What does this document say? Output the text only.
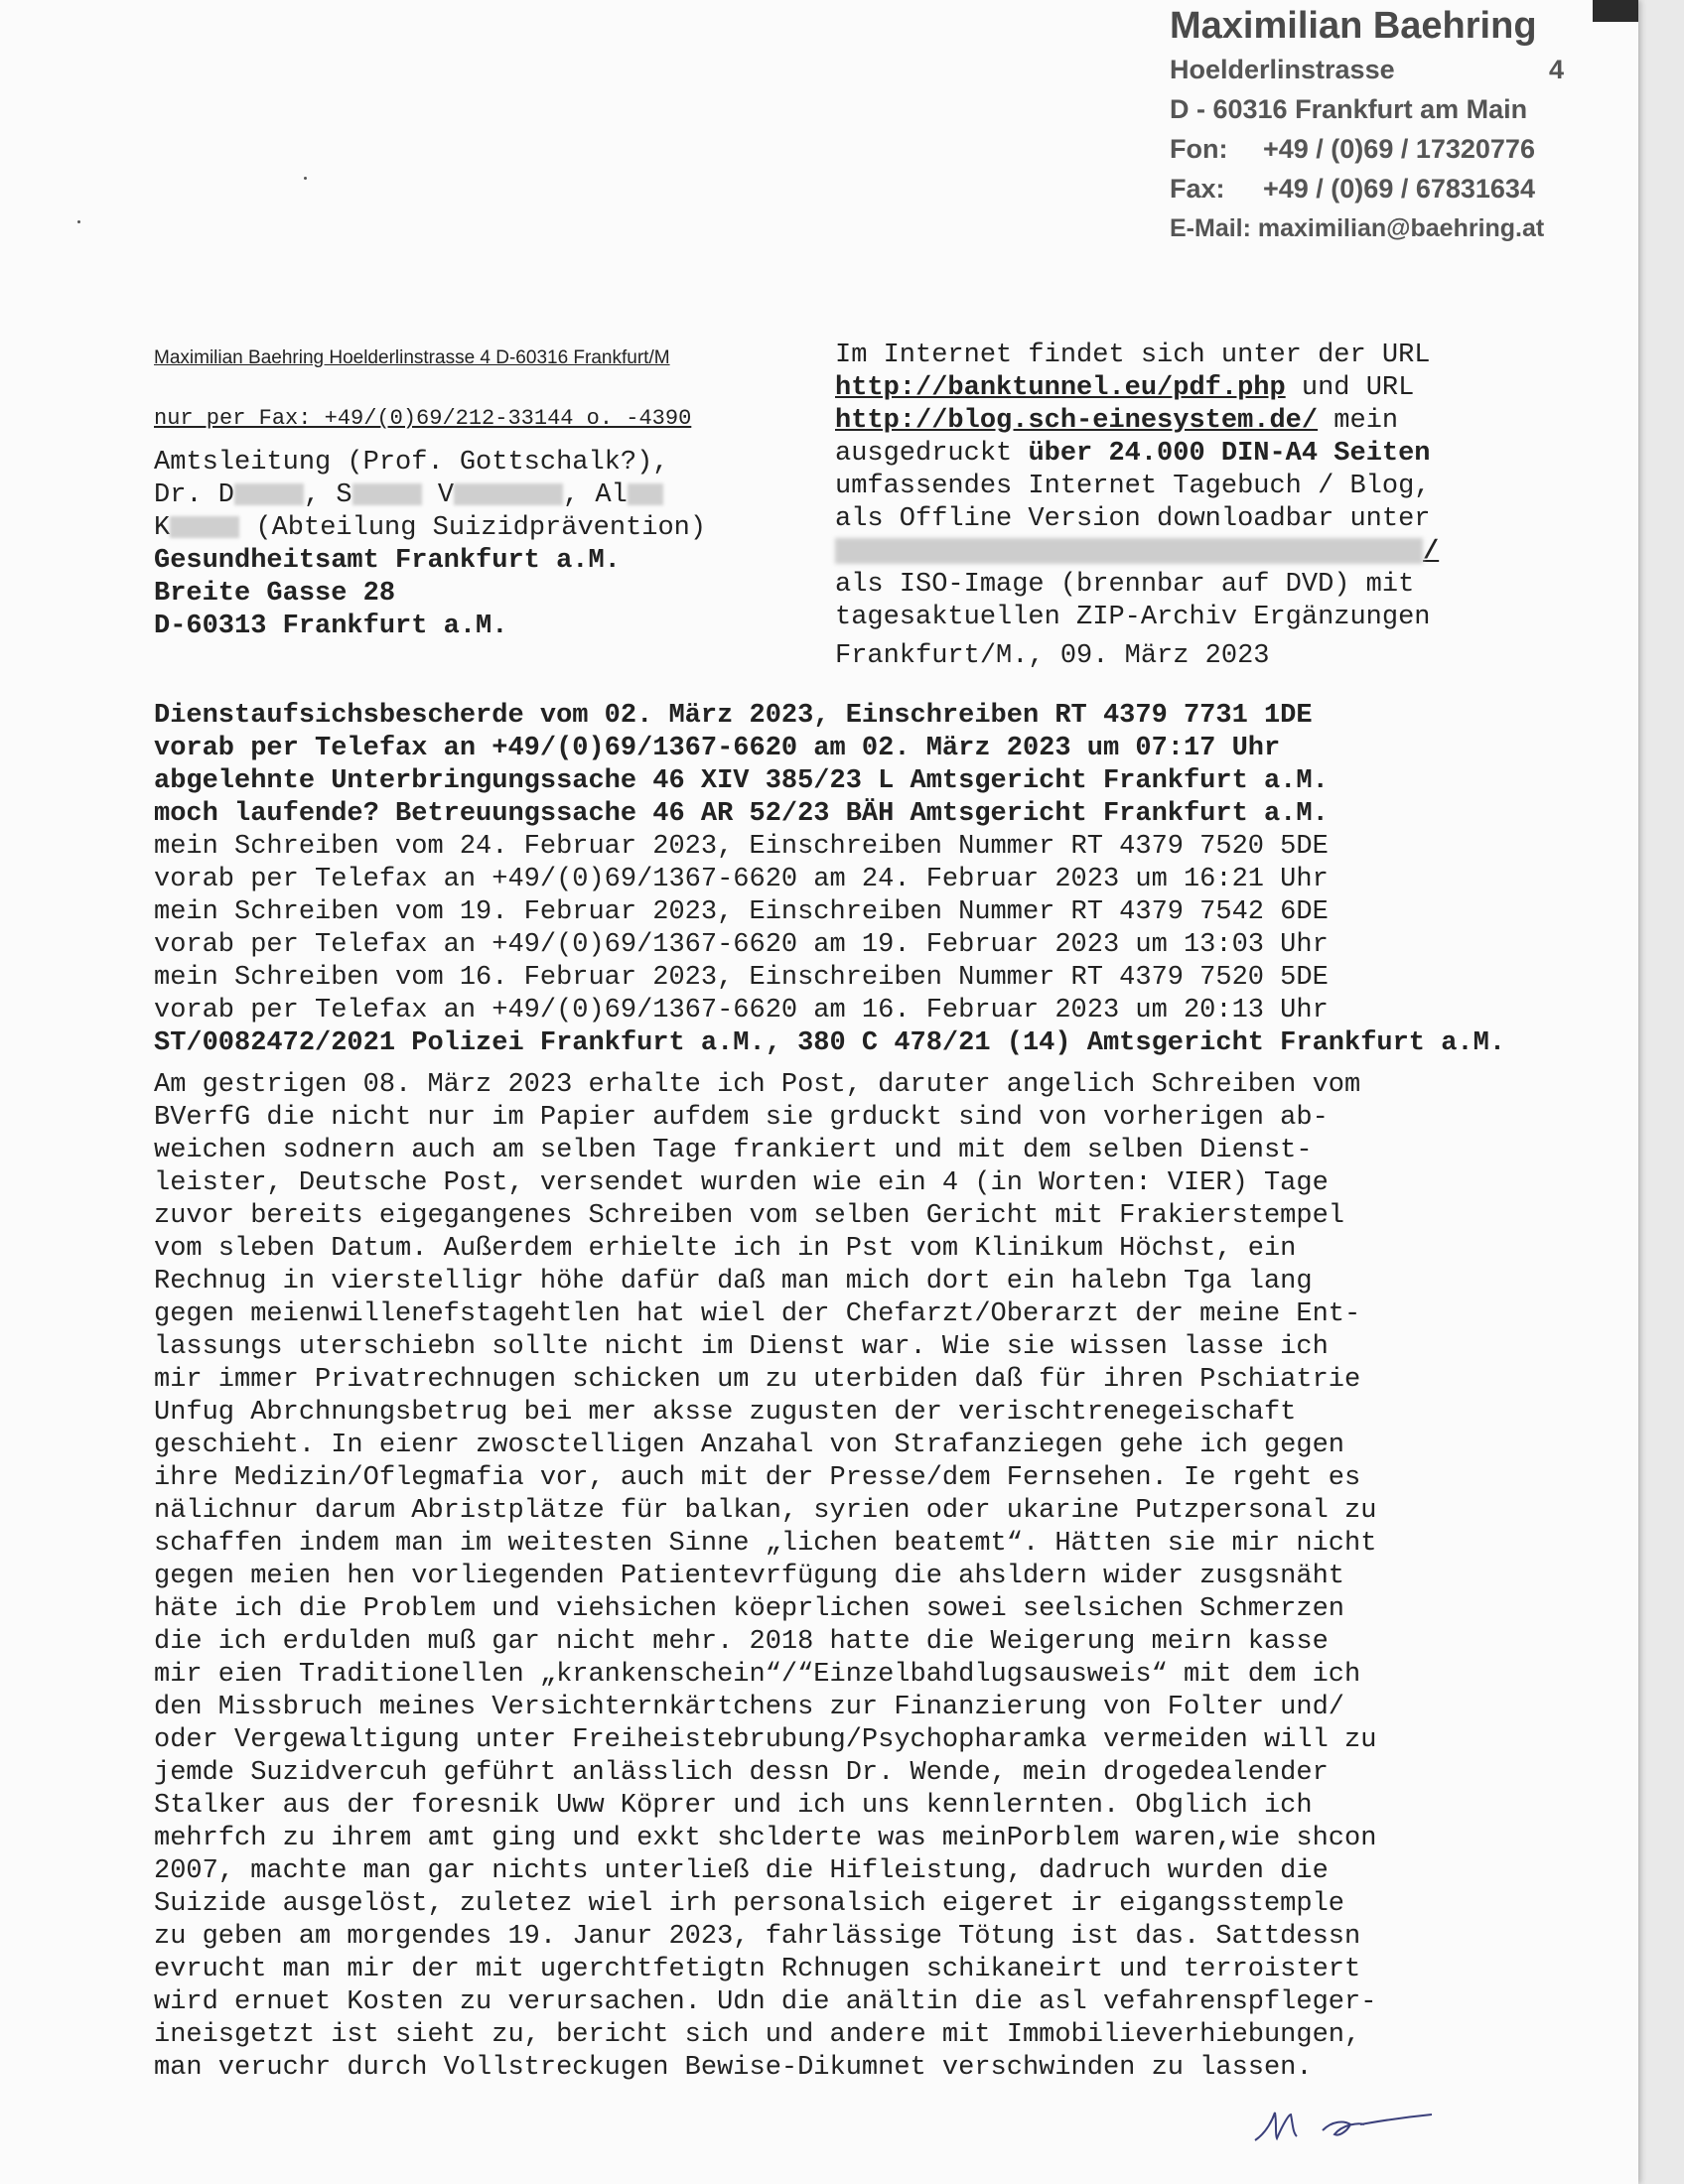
Maximilian Baehring
Hoelderlinstrasse	4
D - 60316 Frankfurt am Main
Fon: +49 / (0)69 / 17320776
Fax: +49 / (0)69 / 67831634
E-Mail: maximilian@baehring.at
Maximilian Baehring Hoelderlinstrasse 4 D-60316 Frankfurt/M
nur per Fax: +49/(0)69/212-33144 o. -4390
Amtsleitung (Prof. Gottschalk?),
Dr. D	, S	V	, Al
K	(Abteilung Suizidprävention)
Gesundheitsamt Frankfurt a.M.
Breite Gasse 28
D-60313 Frankfurt a.M.
Im Internet findet sich unter der URL
http://banktunnel.eu/pdf.php und URL
http://blog.sch-einesystem.de/ mein
ausgedruckt über 24.000 DIN-A4 Seiten
umfassendes Internet Tagebuch / Blog,
als Offline Version downloadbar unter
/
als ISO-Image (brennbar auf DVD) mit
tagesaktuellen ZIP-Archiv Ergänzungen
Frankfurt/M., 09. März 2023
Dienstaufsichsbescherde vom 02. März 2023, Einschreiben RT 4379 7731 1DE
vorab per Telefax an +49/(0)69/1367-6620 am 02. März 2023 um 07:17 Uhr
abgelehnte Unterbringungssache 46 XIV 385/23 L Amtsgericht Frankfurt a.M.
moch laufende? Betreuungssache 46 AR 52/23 BÄH Amtsgericht Frankfurt a.M.
mein Schreiben vom 24. Februar 2023, Einschreiben Nummer RT 4379 7520 5DE
vorab per Telefax an +49/(0)69/1367-6620 am 24. Februar 2023 um 16:21 Uhr
mein Schreiben vom 19. Februar 2023, Einschreiben Nummer RT 4379 7542 6DE
vorab per Telefax an +49/(0)69/1367-6620 am 19. Februar 2023 um 13:03 Uhr
mein Schreiben vom 16. Februar 2023, Einschreiben Nummer RT 4379 7520 5DE
vorab per Telefax an +49/(0)69/1367-6620 am 16. Februar 2023 um 20:13 Uhr
ST/0082472/2021 Polizei Frankfurt a.M., 380 C 478/21 (14) Amtsgericht Frankfurt a.M.
Am gestrigen 08. März 2023 erhalte ich Post, daruter angelich Schreiben vom
BVerfG die nicht nur im Papier aufdem sie grduckt sind von vorherigen ab-
weichen sodnern auch am selben Tage frankiert und mit dem selben Dienst-
leister, Deutsche Post, versendet wurden wie ein 4 (in Worten: VIER) Tage
zuvor bereits eigegangenes Schreiben vom selben Gericht mit Frakierstempel
vom sleben Datum. Außerdem erhielte ich in Pst vom Klinikum Höchst, ein
Rechnug in vierstelligr höhe dafür daß man mich dort ein halebn Tga lang
gegen meienwillenefstagehtlen hat wiel der Chefarzt/Oberarzt der meine Ent-
lassungs uterschiebn sollte nicht im Dienst war. Wie sie wissen lasse ich
mir immer Privatrechnugen schicken um zu uterbiden daß für ihren Pschiatrie
Unfug Abrchnungsbetrug bei mer aksse zugusten der verischtrenegeischaft
geschieht. In eienr zwosctelligen Anzahal von Strafanziegen gehe ich gegen
ihre Medizin/Oflegmafia vor, auch mit der Presse/dem Fernsehen. Ie rgeht es
nälichnur darum Abristplätze für balkan, syrien oder ukarine Putzpersonal zu
schaffen indem man im weitesten Sinne „lichen beatemt“. Hätten sie mir nicht
gegen meien hen vorliegenden Patientevrfügung die ahsldern wider zusgsnäht
häte ich die Problem und viehsichen köeprlichen sowei seelsichen Schmerzen
die ich erdulden muß gar nicht mehr. 2018 hatte die Weigerung meirn kasse
mir eien Traditionellen „krankenschein“/“Einzelbahdlugsausweis“ mit dem ich
den Missbruch meines Versichternkärtchens zur Finanzierung von Folter und/
oder Vergewaltigung unter Freiheistebrubung/Psychopharamka vermeiden will zu
jemde Suzidvercuh geführt anlässlich dessn Dr. Wende, mein drogedealender
Stalker aus der foresnik Uww Köprer und ich uns kennlernten. Obglich ich
mehrfch zu ihrem amt ging und exkt shclderte was meinPorblem waren,wie shcon
2007, machte man gar nichts unterließ die Hifleistung, dadruch wurden die
Suizide ausgelöst, zuletez wiel irh personalsich eigeret ir eigangsstemple
zu geben am morgendes 19. Janur 2023, fahrlässige Tötung ist das. Sattdessn
evrucht man mir der mit ugerchtfetigtn Rchnugen schikaneirt und terroistert
wird ernuet Kosten zu verursachen. Udn die anältin die asl vefahrenspfleger-
ineisgetzt ist sieht zu, bericht sich und andere mit Immobilieverhiebungen,
man veruchr durch Vollstreckugen Bewise-Dikumnet verschwinden zu lassen.
